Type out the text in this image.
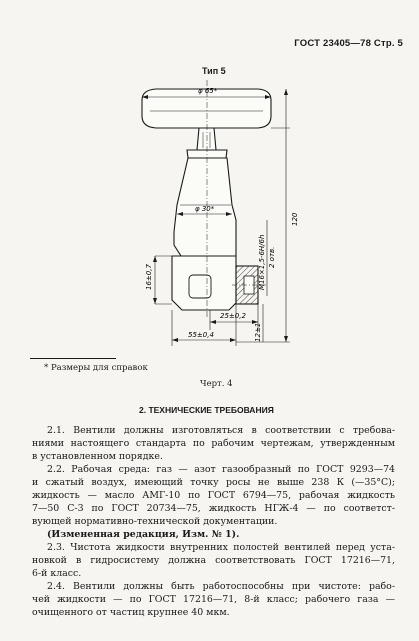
ГОСТ 23405—78 Стр. 5
Тип 5
φ 65*
φ 30*
120
М16×1,5-6Н/6h 2 отв.
16±0,7
12±1
25±0,2
55±0,4
* Размеры для справок
Черт. 4
2. ТЕХНИЧЕСКИЕ ТРЕБОВАНИЯ
2.1. Вентили должны изготовляться в соответствии с требова-
ниями настоящего стандарта по рабочим чертежам, утвержденным
в установленном порядке.
2.2. Рабочая среда: газ — азот газообразный по ГОСТ 9293—74
и сжатый воздух, имеющий точку росы не выше 238 К (—35°С);
жидкость — масло АМГ-10 по ГОСТ 6794—75, рабочая жидкость
7—50 С-3 по ГОСТ 20734—75, жидкость НГЖ-4 — по соответст-
вующей нормативно-технической документации.
(Измененная редакция, Изм. № 1).
2.3. Чистота жидкости внутренних полостей вентилей перед уста-
новкой в гидросистему должна соответствовать ГОСТ 17216—71,
6-й класс.
2.4. Вентили должны быть работоспособны при чистоте: рабо-
чей жидкости — по ГОСТ 17216—71, 8-й класс; рабочего газа —
очищенного от частиц крупнее 40 мкм.
